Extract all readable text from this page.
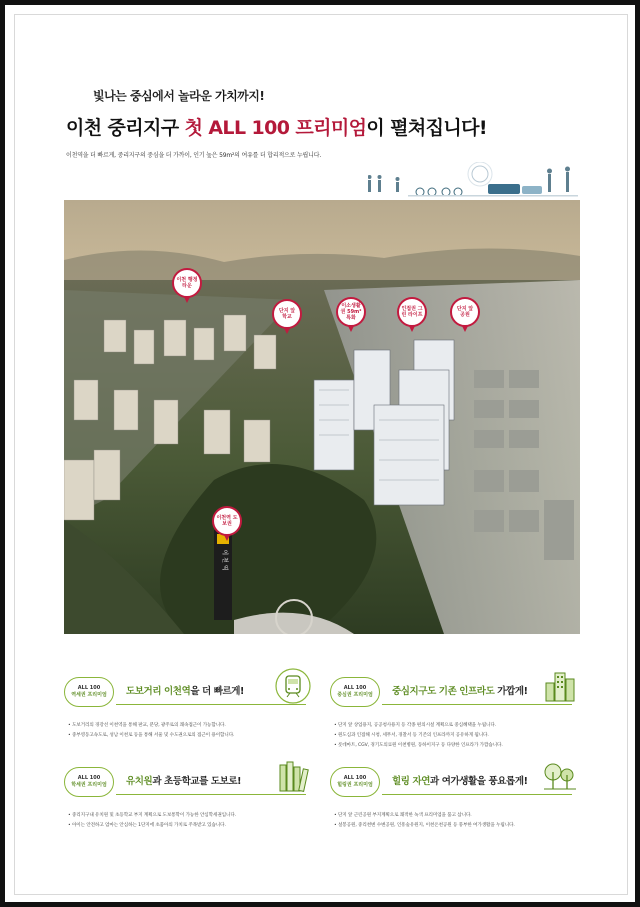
빛나는 중심에서 놀라운 가치까지!
이천 중리지구 첫 ALL 100 프리미엄이 펼쳐집니다!
이천역을 더 빠르게, 중리지구의 중심을 더 가까이, 인기 높은 59m²의 여유를 더 합리적으로 누립니다.
이 천 역
이천 행정타운
단지 앞 학교
이소생활권 59m² 특화
인접권 그린 라이프
단지 앞 공원
이천역 도보권
ALL 100
역세권 프리미엄 도보거리 이천역을 더 빠르게!
• 도보거리의 경강선 이천역을 통해 판교, 분당, 광주로의 쾌속접근이 가능합니다.
• 중부영동고속도로, 성남 이천로 등을 통해 서울 및 수도권으로의 접근이 용이합니다.
ALL 100
중심권 프리미엄 중심지구도 기존 인프라도 가깝게!
• 단지 앞 상업용지, 공공청사용지 등 각종 편의시설 계획으로 중심혜택을 누립니다.
• 원도심과 인접해 시청, 세무서, 경찰서 등 기존의 인프라까지 공유하게 됩니다.
• 롯데마트, CGV, 경기도의료원 이천병원, 동하이지구 등 다양한 인프라가 가깝습니다.
ALL 100
학세권 프리미엄 유치원과 초등학교를 도보로!
• 중리지구내 유치원 및 초등학교 부지 계획으로 도보통학이 가능한 안심학세권입니다.
• 아이는 안전하고 엄마는 안심하는 1단지에 초품아의 가치로 주목받고 있습니다.
ALL 100
힐링권 프리미엄 힐링 자연과 여가생활을 풍요롭게!
• 단지 앞 근린공원 부지계획으로 쾌적한 녹색 프리미엄을 품고 삽니다.
• 설봉공원, 중리천변 수변공원, 인흥숲유원지, 이천온천공원 등 풍부한 여가생활을 누립니다.
